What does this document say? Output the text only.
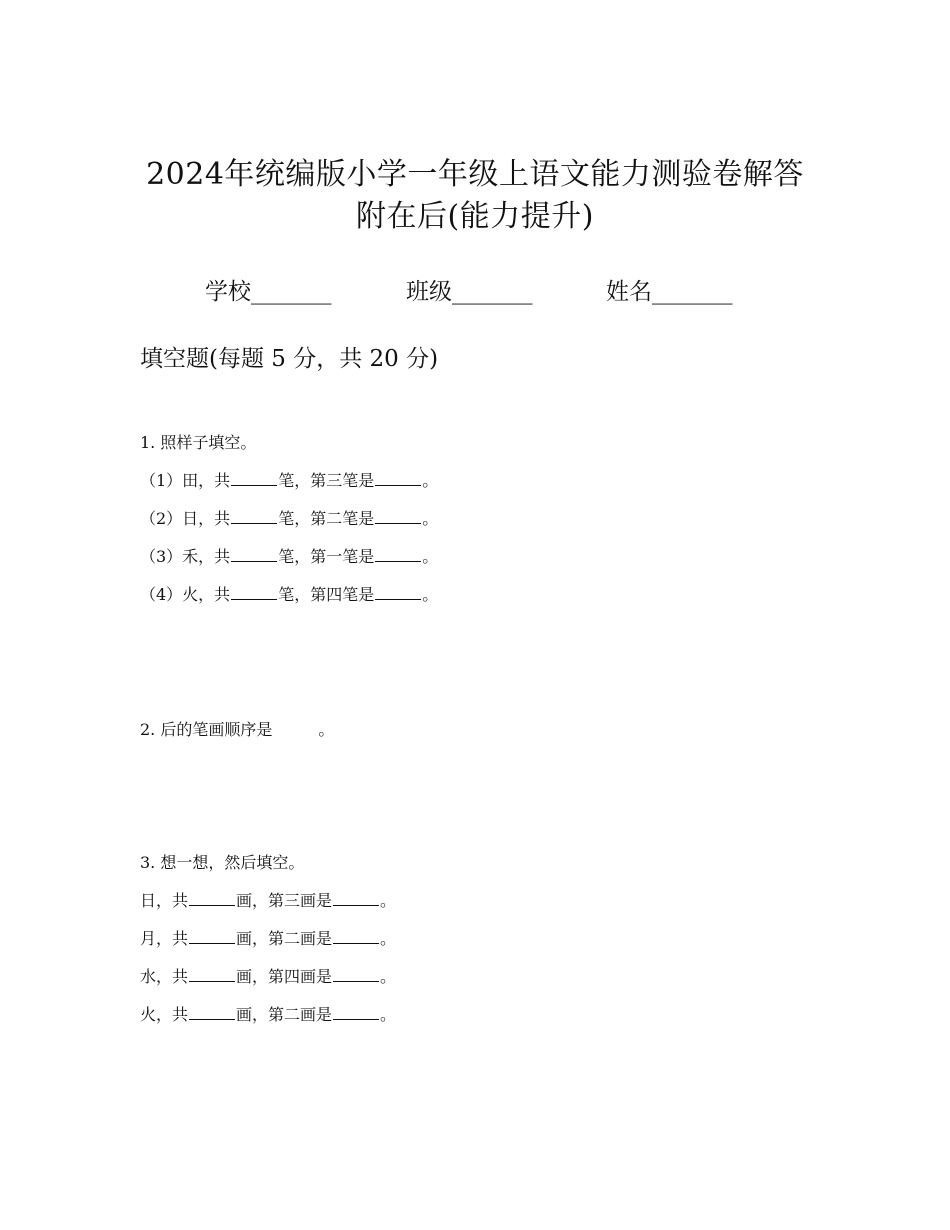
2024年统编版小学一年级上语文能力测验卷解答
附在后(能力提升)
学校_______	班级_______	姓名_______
填空题(每题 5 分，共 20 分)
1. 照样子填空。
（1）田，共	笔，第三笔是	。
（2）日，共	笔，第二笔是	。
（3）禾，共	笔，第一笔是	。
（4）火，共	笔，第四笔是	。
2. 后的笔画顺序是	。
3. 想一想，然后填空。
日，共	画，第三画是	。
月，共	画，第二画是	。
水，共	画，第四画是	。
火，共	画，第二画是	。
